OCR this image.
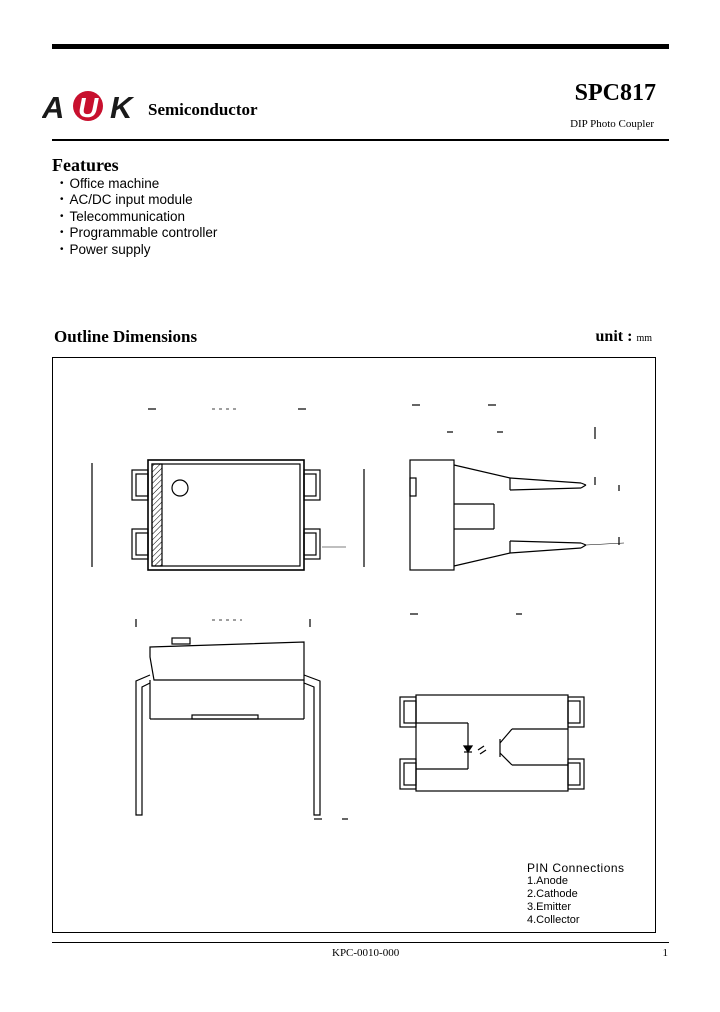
A U K Semiconductor
SPC817
DIP Photo Coupler
Features
• Office machine
• AC/DC input module
• Telecommunication
• Programmable controller
• Power supply
Outline Dimensions	unit : mm
PIN Connections
1.Anode
2.Cathode
3.Emitter
4.Collector
KPC-0010-000	1
